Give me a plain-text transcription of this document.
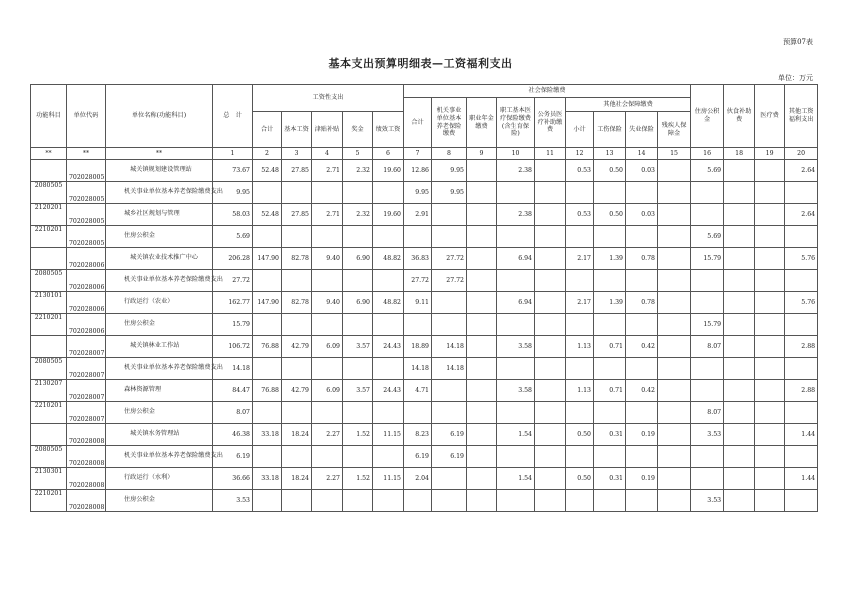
预算07表
基本支出预算明细表—工资福利支出
单位：万元
功能科目	单位代码	单位名称(功能科目)	总　计	工资性支出					社会保险缴费									住房公积金	伙食补助费	医疗费	其他工资福利支出
									合计	机关事业单位基本养老保险缴费	职业年金缴费	职工基本医疗保险缴费(含生育保险)	公务员医疗补助缴费	其他社会保障缴费							
				合计	基本工资	津贴补贴	奖金	绩效工资						小计	工伤保险	失业保险	残疾人保障金				
**	**	**	1	2	3	4	5	6	7	8	9	10	11	12	13	14	15	16	18	19	20
	702028005	城关镇规划建设管理站	73.67	52.48	27.85	2.71	2.32	19.60	12.86	9.95		2.38		0.53	0.50	0.03		5.69			2.64
2080505	702028005	机关事业单位基本养老保险缴费支出	9.95						9.95	9.95											
2120201	702028005	城乡社区规划与管理	58.03	52.48	27.85	2.71	2.32	19.60	2.91			2.38		0.53	0.50	0.03					2.64
2210201	702028005	住房公积金	5.69															5.69			
	702028006	城关镇农业技术推广中心	206.28	147.90	82.78	9.40	6.90	48.82	36.83	27.72		6.94		2.17	1.39	0.78		15.79			5.76
2080505	702028006	机关事业单位基本养老保险缴费支出	27.72						27.72	27.72											
2130101	702028006	行政运行（农业）	162.77	147.90	82.78	9.40	6.90	48.82	9.11			6.94		2.17	1.39	0.78					5.76
2210201	702028006	住房公积金	15.79															15.79			
	702028007	城关镇林业工作站	106.72	76.88	42.79	6.09	3.57	24.43	18.89	14.18		3.58		1.13	0.71	0.42		8.07			2.88
2080505	702028007	机关事业单位基本养老保险缴费支出	14.18						14.18	14.18											
2130207	702028007	森林资源管理	84.47	76.88	42.79	6.09	3.57	24.43	4.71			3.58		1.13	0.71	0.42					2.88
2210201	702028007	住房公积金	8.07															8.07			
	702028008	城关镇水务管理站	46.38	33.18	18.24	2.27	1.52	11.15	8.23	6.19		1.54		0.50	0.31	0.19		3.53			1.44
2080505	702028008	机关事业单位基本养老保险缴费支出	6.19						6.19	6.19											
2130301	702028008	行政运行（水利）	36.66	33.18	18.24	2.27	1.52	11.15	2.04			1.54		0.50	0.31	0.19					1.44
2210201	702028008	住房公积金	3.53															3.53			
